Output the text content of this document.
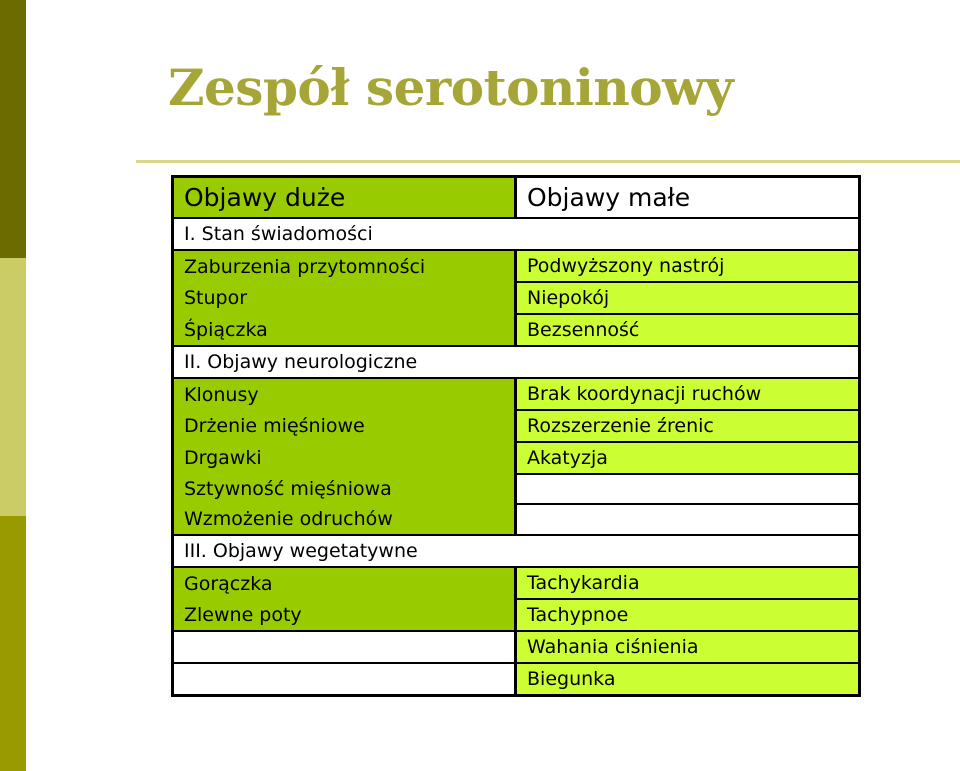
Zespół serotoninowy
Objawy duże	Objawy małe
I. Stan świadomości	
Zaburzenia przytomności	Podwyższony nastrój
Stupor	Niepokój
Śpiączka	Bezsenność
II. Objawy neurologiczne	
Klonusy	Brak koordynacji ruchów
Drżenie mięśniowe	Rozszerzenie źrenic
Drgawki	Akatyzja
Sztywność mięśniowa	
Wzmożenie odruchów	
III. Objawy wegetatywne	
Gorączka	Tachykardia
Zlewne poty	Tachypnoe
	Wahania ciśnienia
	Biegunka
